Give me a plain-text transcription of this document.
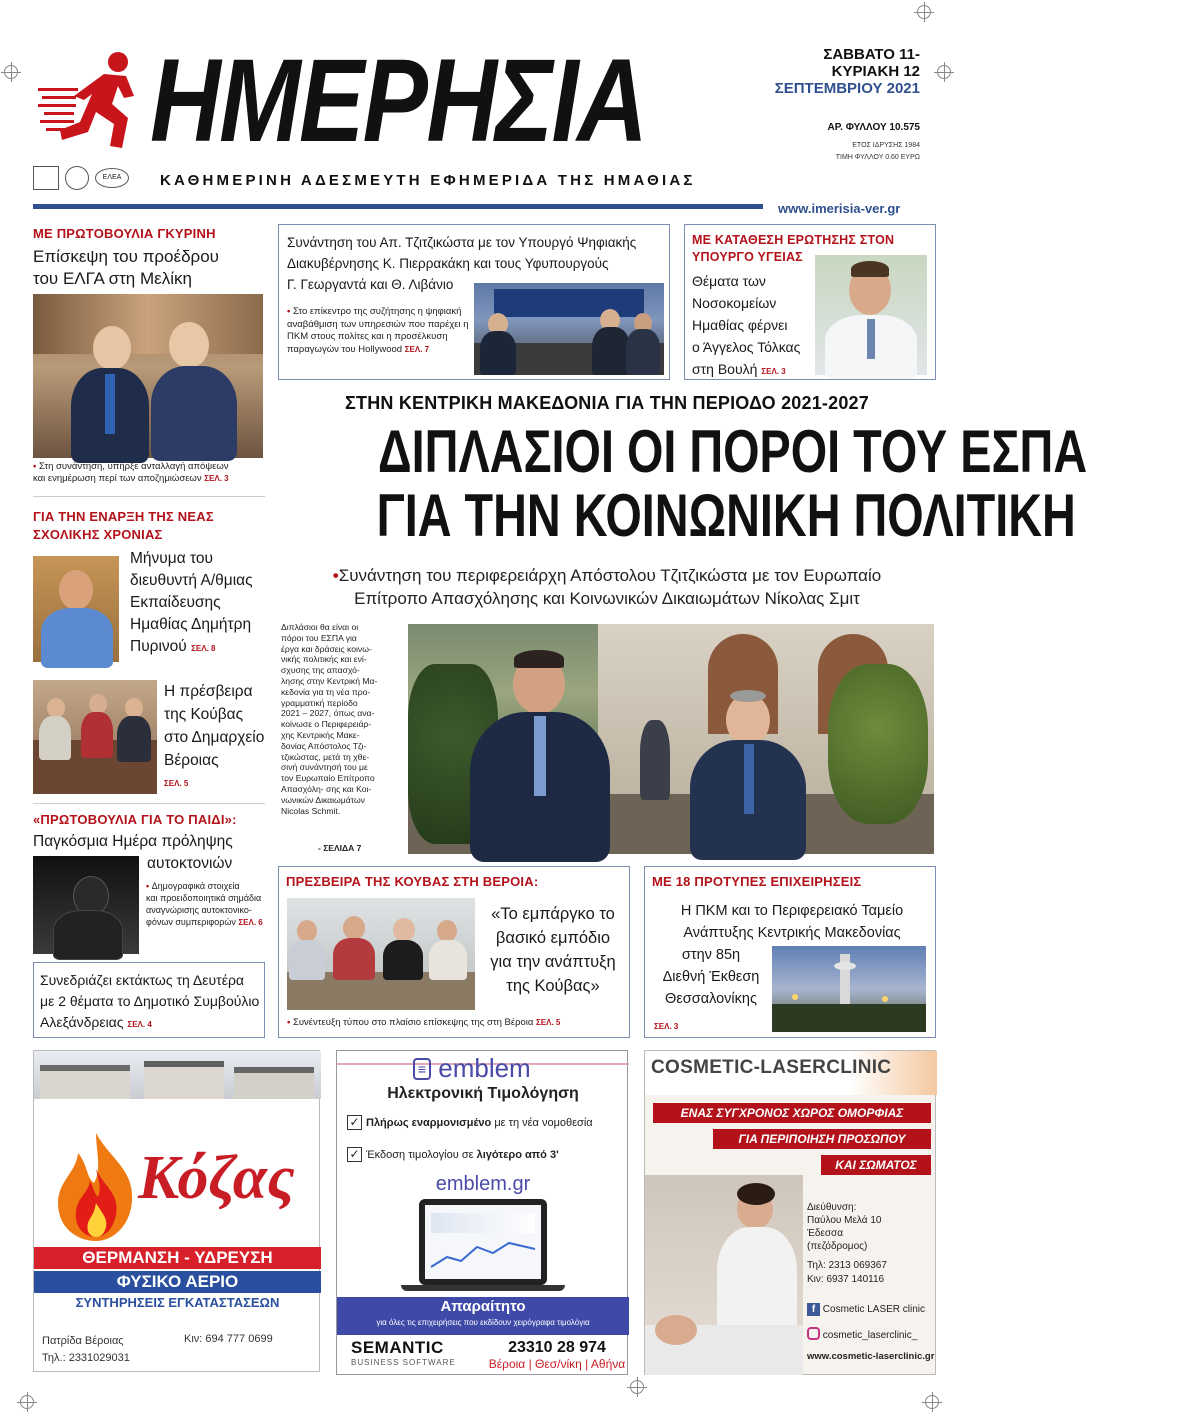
ΗΜΕΡΗΣΙΑ
ΕΛΕΑ	ΚΑΘΗΜΕΡΙΝΗ ΑΔΕΣΜΕΥΤΗ ΕΦΗΜΕΡΙΔΑ ΤΗΣ ΗΜΑΘΙΑΣ
ΣΑΒΒΑΤΟ 11-
ΚΥΡΙΑΚΗ 12
ΣΕΠΤΕΜΒΡΙΟΥ 2021
ΑΡ. ΦΥΛΛΟΥ 10.575
ΕΤΟΣ ΙΔΡΥΣΗΣ 1984
ΤΙΜΗ ΦΥΛΛΟΥ 0.60 ΕΥΡΩ
www.imerisia-ver.gr
ΜΕ ΠΡΩΤΟΒΟΥΛΙΑ ΓΚΥΡΙΝΗ
Επίσκεψη του προέδρου
του ΕΛΓΑ στη Μελίκη
• Στη συνάντηση, υπήρξε ανταλλαγή απόψεων
και ενημέρωση περί των αποζημιώσεων ΣΕΛ. 3
ΓΙΑ ΤΗΝ ΕΝΑΡΞΗ ΤΗΣ ΝΕΑΣ
ΣΧΟΛΙΚΗΣ ΧΡΟΝΙΑΣ
Μήνυμα του
διευθυντή Α/θμιας
Εκπαίδευσης
Ημαθίας Δημήτρη
Πυρινού ΣΕΛ. 8
Η πρέσβειρα
της Κούβας
στο Δημαρχείο
Βέροιας
ΣΕΛ. 5
«ΠΡΩΤΟΒΟΥΛΙΑ ΓΙΑ ΤΟ ΠΑΙΔΙ»:
Παγκόσμια Ημέρα πρόληψης
αυτοκτονιών
• Δημογραφικά στοιχεία
και προειδοποιητικά σημάδια
αναγνώρισης αυτοκτονικο-
φόνων συμπεριφορών ΣΕΛ. 6
Συνεδριάζει εκτάκτως τη Δευτέρα
με 2 θέματα το Δημοτικό Συμβούλιο
Αλεξάνδρειας ΣΕΛ. 4
Συνάντηση του Απ. Τζιτζικώστα με τον Υπουργό Ψηφιακής
Διακυβέρνησης Κ. Πιερρακάκη και τους Υφυπουργούς
Γ. Γεωργαντά και Θ. Λιβάνιο
• Στο επίκεντρο της συζήτησης η ψηφιακή
αναβάθμιση των υπηρεσιών που παρέχει η
ΠΚΜ στους πολίτες και η προσέλκυση
παραγωγών του Hollywood ΣΕΛ. 7
ΜΕ ΚΑΤΑΘΕΣΗ ΕΡΩΤΗΣΗΣ ΣΤΟΝ
ΥΠΟΥΡΓΟ ΥΓΕΙΑΣ
Θέματα των
Νοσοκομείων
Ημαθίας φέρνει
ο Άγγελος Τόλκας
στη Βουλή ΣΕΛ. 3
ΣΤΗΝ ΚΕΝΤΡΙΚΗ ΜΑΚΕΔΟΝΙΑ ΓΙΑ ΤΗΝ ΠΕΡΙΟΔΟ 2021-2027
ΔΙΠΛΑΣΙΟΙ ΟΙ ΠΟΡΟΙ ΤΟΥ ΕΣΠΑ
ΓΙΑ ΤΗΝ ΚΟΙΝΩΝΙΚΗ ΠΟΛΙΤΙΚΗ
•Συνάντηση του περιφερειάρχη Απόστολου Τζιτζικώστα με τον Ευρωπαίο
Επίτροπο Απασχόλησης και Κοινωνικών Δικαιωμάτων Νίκολας Σμιτ
Διπλάσιοι θα είναι οι
πόροι του ΕΣΠΑ για
έργα και δράσεις κοινω-
νικής πολιτικής και ενί-
σχυσης της απασχό-
λησης στην Κεντρική Μα-
κεδονία για τη νέα προ-
γραμματική περίοδο
2021 – 2027, όπως ανα-
κοίνωσε ο Περιφερειάρ-
χης Κεντρικής Μακε-
δονίας Απόστολος Τζι-
τζικώστας, μετά τη χθε-
σινή συνάντησή του με
τον Ευρωπαίο Επίτροπο
Απασχόλη- σης και Κοι-
νωνικών Δικαιωμάτων
Nicolas Schmit.
- ΣΕΛΙΔΑ 7
ΠΡΕΣΒΕΙΡΑ ΤΗΣ ΚΟΥΒΑΣ ΣΤΗ ΒΕΡΟΙΑ:
«Το εμπάργκο το
βασικό εμπόδιο
για την ανάπτυξη
της Κούβας»
• Συνέντευξη τύπου στο πλαίσιο επίσκεψης της στη Βέροια ΣΕΛ. 5
ΜΕ 18 ΠΡΟΤΥΠΕΣ ΕΠΙΧΕΙΡΗΣΕΙΣ
Η ΠΚΜ και το Περιφερειακό Ταμείο
Ανάπτυξης Κεντρικής Μακεδονίας
στην 85η
Διεθνή Έκθεση
Θεσσαλονίκης
ΣΕΛ. 3
Κόζας
ΘΕΡΜΑΝΣΗ - ΥΔΡΕΥΣΗ
ΦΥΣΙΚΟ ΑΕΡΙΟ
ΣΥΝΤΗΡΗΣΕΙΣ ΕΓΚΑΤΑΣΤΑΣΕΩΝ
Πατρίδα Βέροιας
Τηλ.: 2331029031
Κιν: 694 777 0699
≡ emblem
Ηλεκτρονική Τιμολόγηση
✓ Πλήρως εναρμονισμένο με τη νέα νομοθεσία
✓ Έκδοση τιμολογίου σε λιγότερο από 3'
emblem.gr
Απαραίτητο
για όλες τις επιχειρήσεις που εκδίδουν χειρόγραφα τιμολόγια
SEMANTIC
BUSINESS SOFTWARE
23310 28 974
Βέροια | Θεσ/νίκη | Αθήνα
COSMETIC-LASERCLINIC
ΕΝΑΣ ΣΥΓΧΡΟΝΟΣ ΧΩΡΟΣ ΟΜΟΡΦΙΑΣ
ΓΙΑ ΠΕΡΙΠΟΙΗΣΗ ΠΡΟΣΩΠΟΥ
ΚΑΙ ΣΩΜΑΤΟΣ
Διεύθυνση:
Παύλου Μελά 10
Έδεσσα
(πεζόδρομος)
Τηλ: 2313 069367
Κιν: 6937 140116
f Cosmetic LASER clinic
cosmetic_laserclinic_
www.cosmetic-laserclinic.gr
